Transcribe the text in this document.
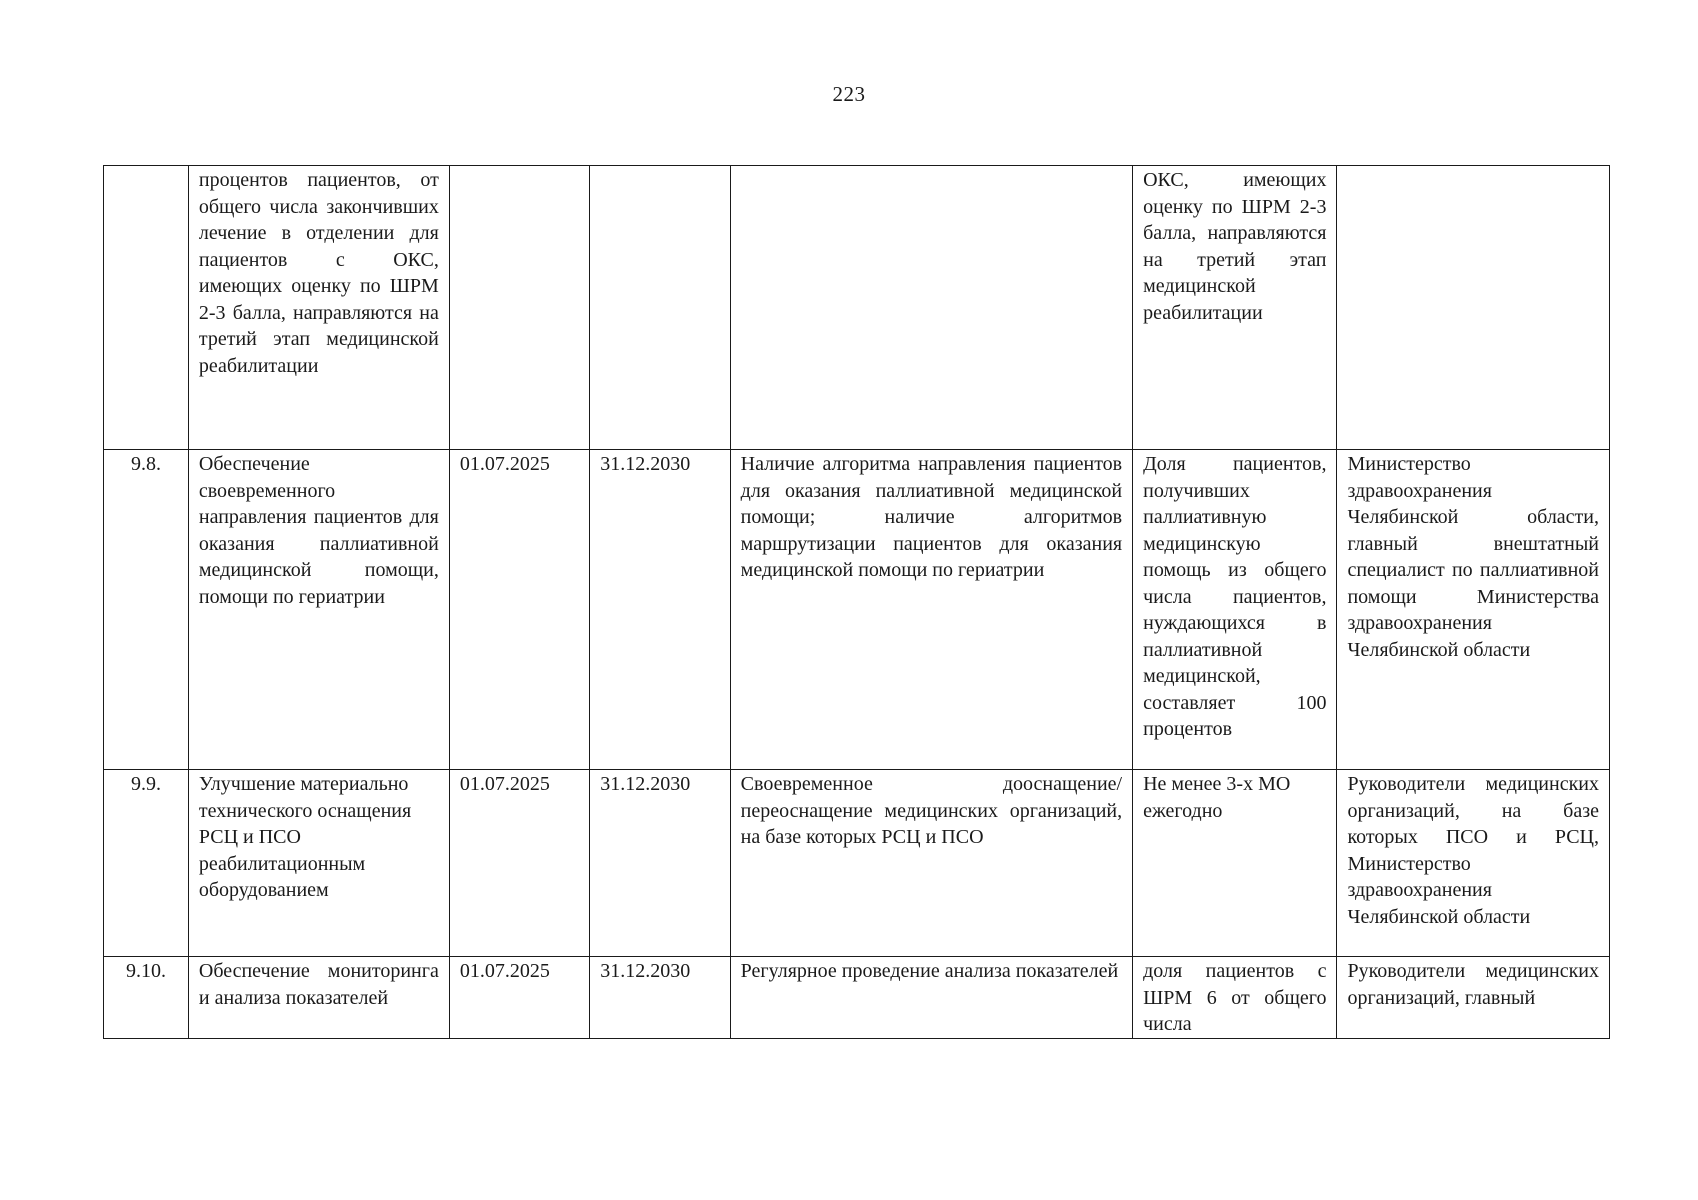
223
	процентов пациентов, от общего числа закончивших лечение в отделении для пациентов с ОКС, имеющих оценку по ШРМ 2-3 балла, направляются на третий этап медицинской реабилитации				ОКС, имеющих оценку по ШРМ 2-3 балла, направляются на третий этап медицинской реабилитации	
9.8.	Обеспечение своевременного направления пациентов для оказания паллиативной медицинской помощи, помощи по гериатрии	01.07.2025	31.12.2030	Наличие алгоритма направления пациентов для оказания паллиативной медицинской помощи; наличие алгоритмов маршрутизации пациентов для оказания медицинской помощи по гериатрии	Доля пациентов, получивших паллиативную медицинскую помощь из общего числа пациентов, нуждающихся в паллиативной медицинской, составляет 100 процентов	Министерство здравоохранения Челябинской области, главный внештатный специалист по паллиативной помощи Министерства здравоохранения Челябинской области
9.9.	Улучшение материально технического оснащения РСЦ и ПСО реабилитационным оборудованием	01.07.2025	31.12.2030	Своевременное дооснащение/переоснащение медицинских организаций, на базе которых РСЦ и ПСО	Не менее 3-х МО ежегодно	Руководители медицинских организаций, на базе которых ПСО и РСЦ, Министерство здравоохранения Челябинской области
9.10.	Обеспечение мониторинга и анализа показателей	01.07.2025	31.12.2030	Регулярное проведение анализа показателей	доля пациентов с ШРМ 6 от общего числа	Руководители медицинских организаций, главный
